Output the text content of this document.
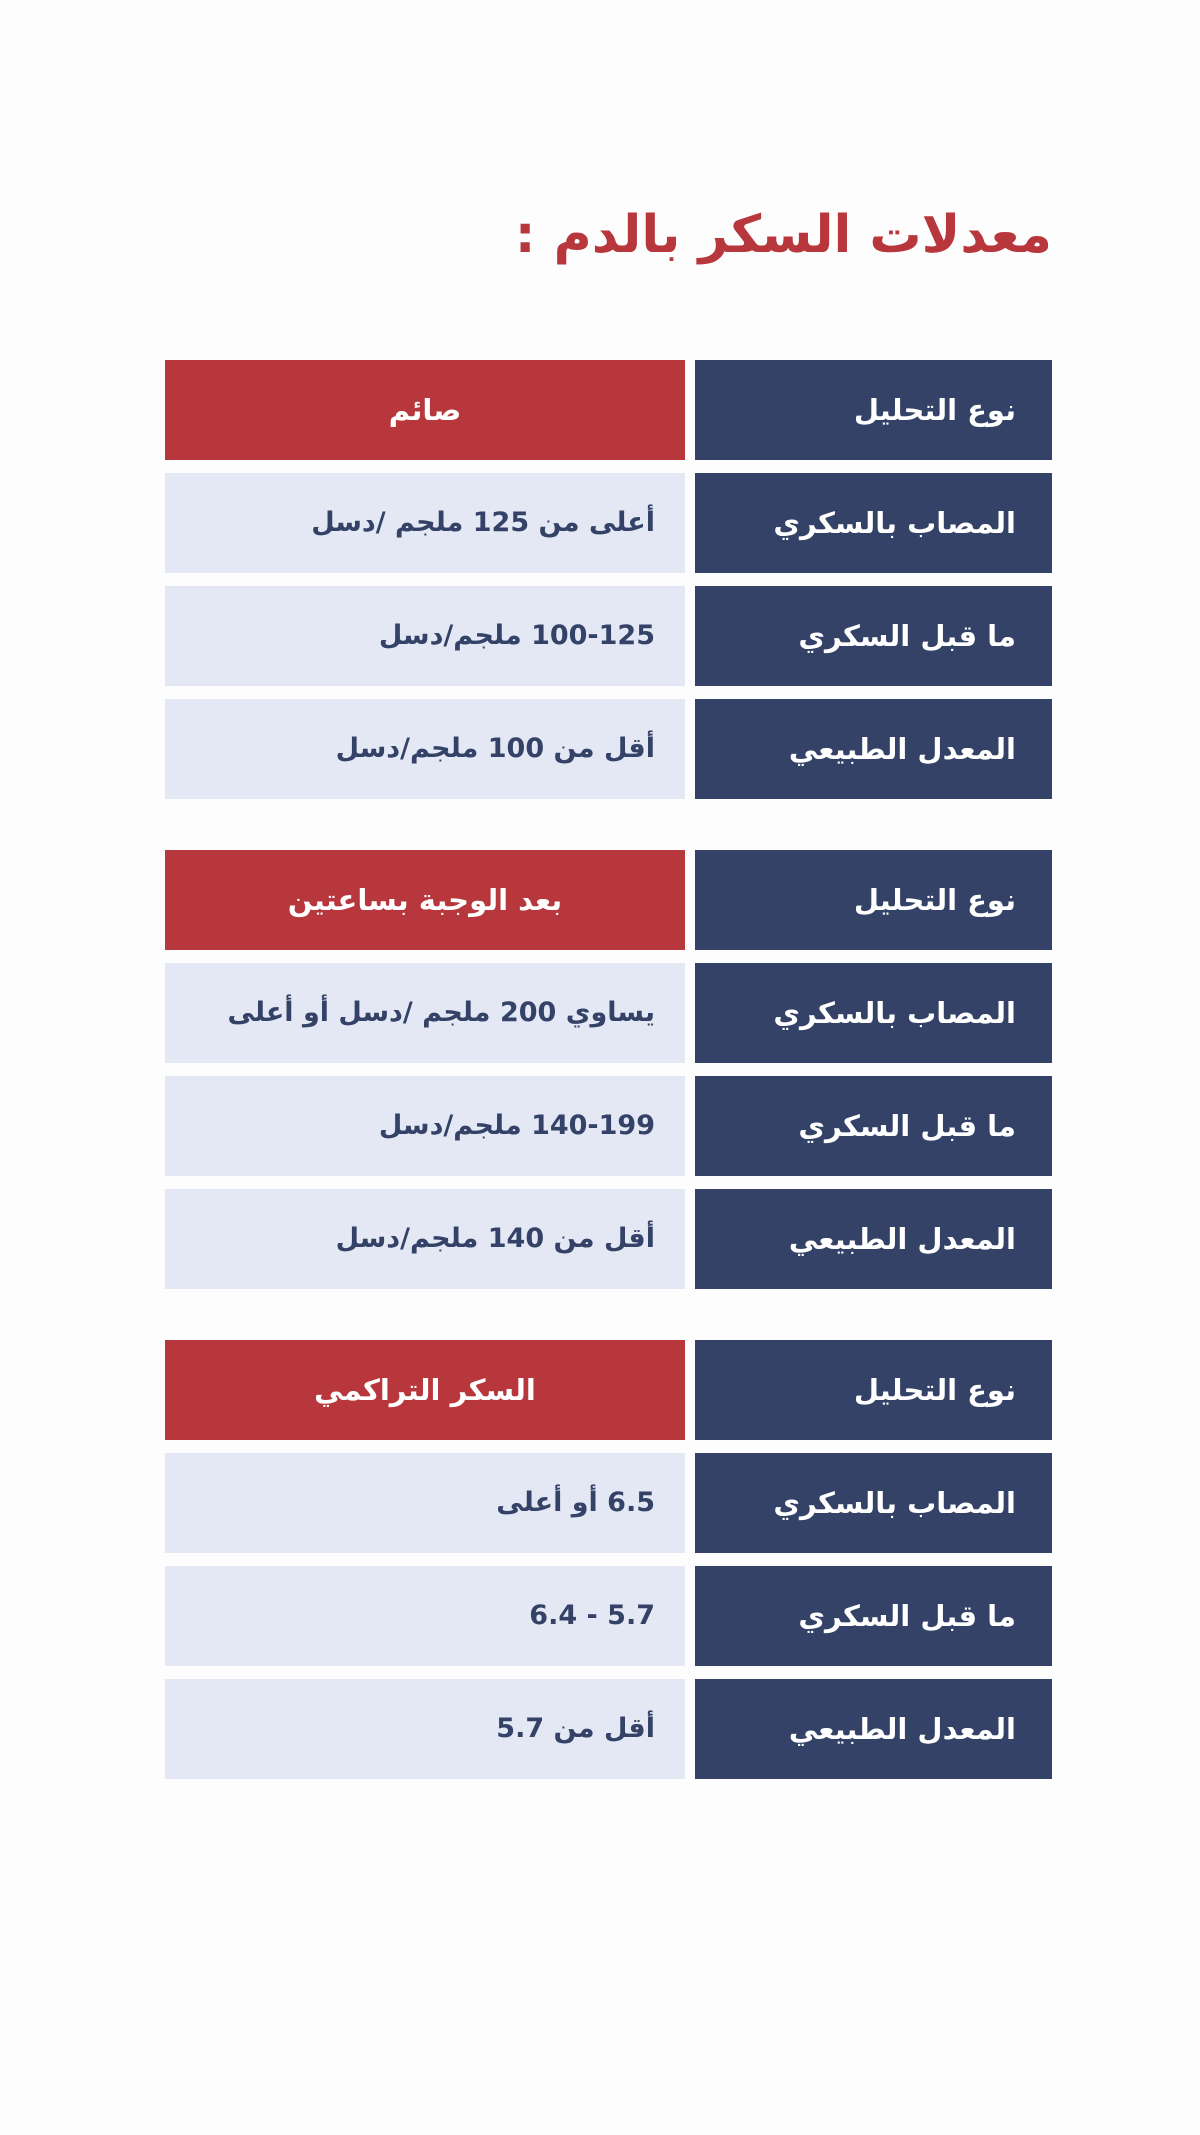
معدلات السكر بالدم :
نوع التحليل
صائم
المصاب بالسكري
أعلى من 125 ملجم /دسل
ما قبل السكري
100-125 ملجم/دسل
المعدل الطبيعي
أقل من 100 ملجم/دسل
نوع التحليل
بعد الوجبة بساعتين
المصاب بالسكري
يساوي 200 ملجم /دسل أو أعلى
ما قبل السكري
140-199 ملجم/دسل
المعدل الطبيعي
أقل من 140 ملجم/دسل
نوع التحليل
السكر التراكمي
المصاب بالسكري
6.5 أو أعلى
ما قبل السكري
5.7 - 6.4
المعدل الطبيعي
أقل من 5.7
